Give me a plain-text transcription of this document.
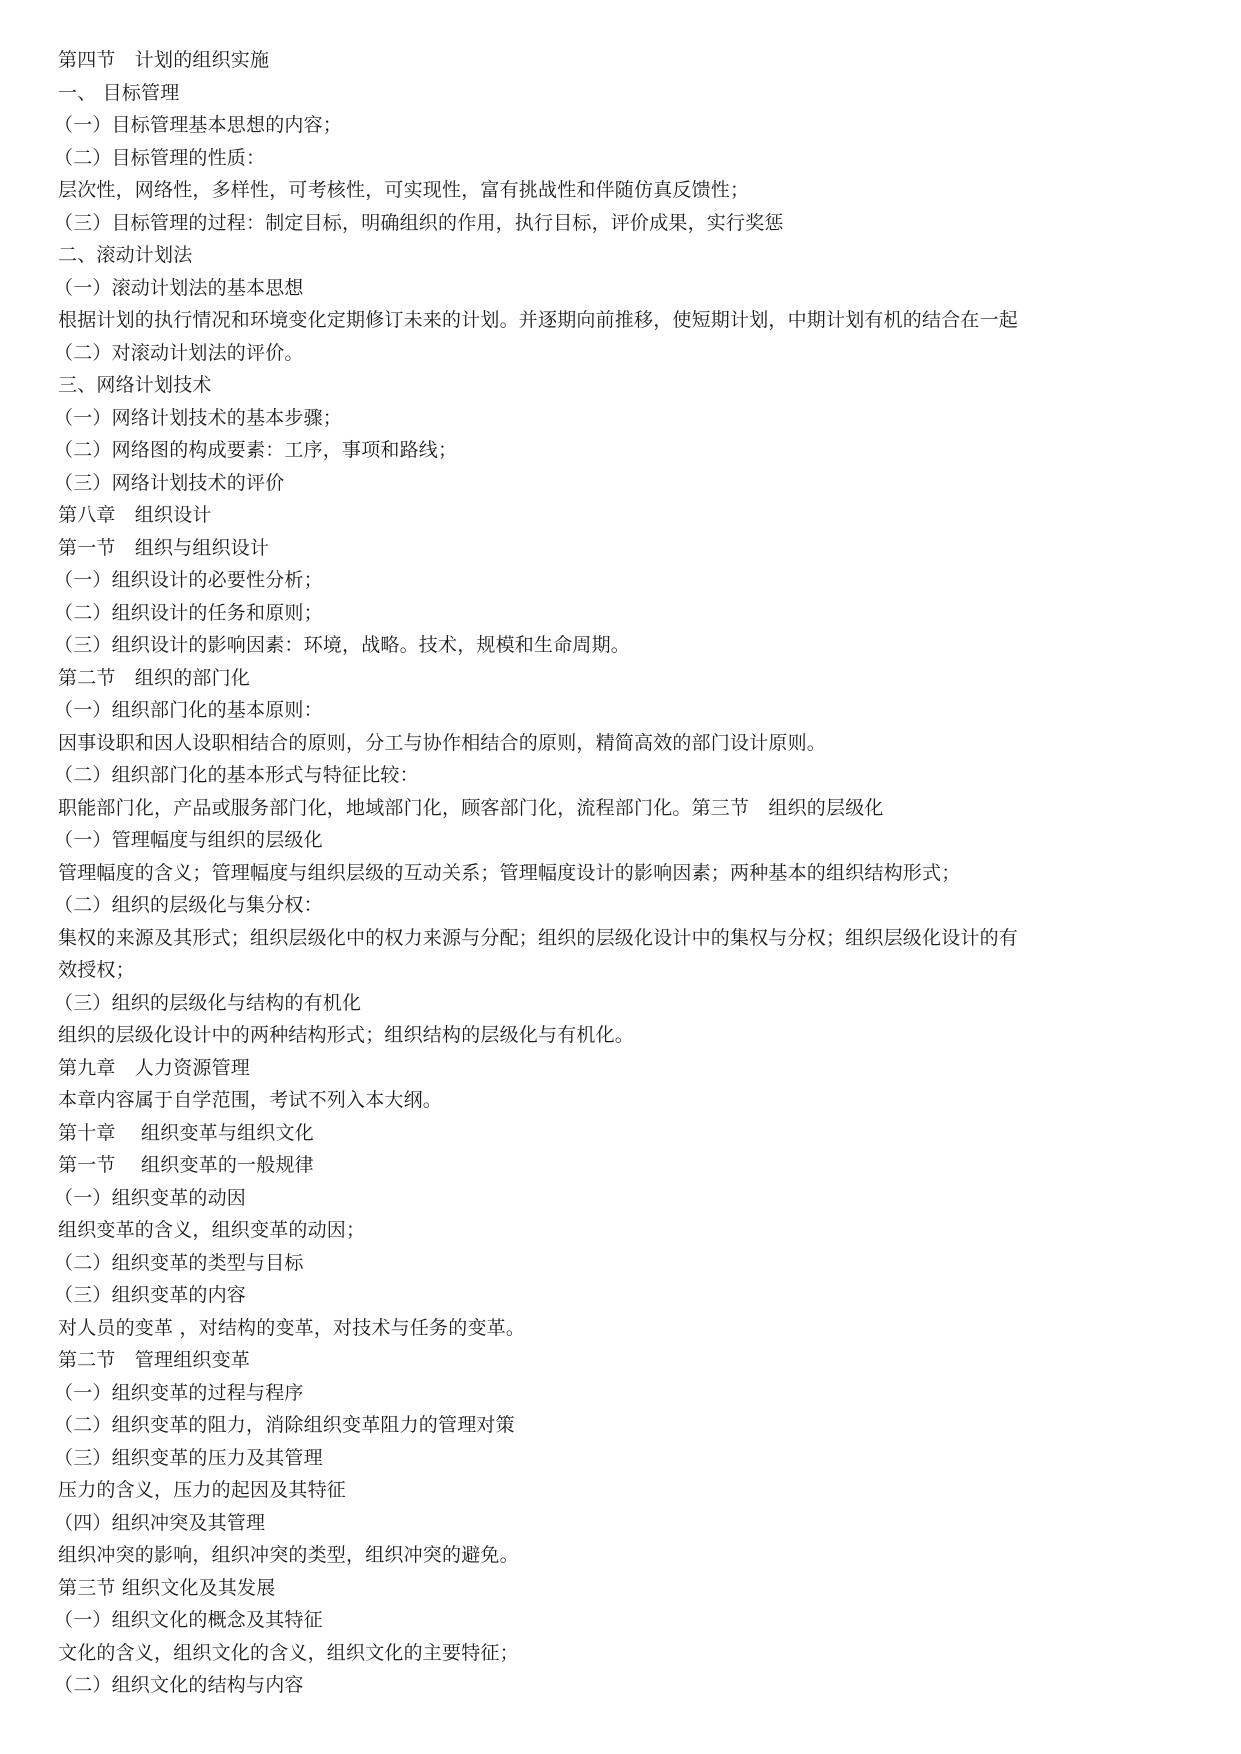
第四节　计划的组织实施
一、 目标管理
（一）目标管理基本思想的内容；
（二）目标管理的性质：
层次性，网络性，多样性，可考核性，可实现性，富有挑战性和伴随仿真反馈性；
（三）目标管理的过程：制定目标，明确组织的作用，执行目标，评价成果，实行奖惩
二、滚动计划法
（一）滚动计划法的基本思想
根据计划的执行情况和环境变化定期修订未来的计划。并逐期向前推移，使短期计划，中期计划有机的结合在一起
（二）对滚动计划法的评价。
三、网络计划技术
（一）网络计划技术的基本步骤；
（二）网络图的构成要素：工序，事项和路线；
（三）网络计划技术的评价
第八章　组织设计
第一节　组织与组织设计
（一）组织设计的必要性分析；
（二）组织设计的任务和原则；
（三）组织设计的影响因素：环境，战略。技术，规模和生命周期。
第二节　组织的部门化
（一）组织部门化的基本原则：
因事设职和因人设职相结合的原则，分工与协作相结合的原则，精简高效的部门设计原则。
（二）组织部门化的基本形式与特征比较：
职能部门化，产品或服务部门化，地域部门化，顾客部门化，流程部门化。第三节　组织的层级化
（一）管理幅度与组织的层级化
管理幅度的含义；管理幅度与组织层级的互动关系；管理幅度设计的影响因素；两种基本的组织结构形式；
（二）组织的层级化与集分权：
集权的来源及其形式；组织层级化中的权力来源与分配；组织的层级化设计中的集权与分权；组织层级化设计的有
效授权；
（三）组织的层级化与结构的有机化
组织的层级化设计中的两种结构形式；组织结构的层级化与有机化。
第九章　人力资源管理
本章内容属于自学范围，考试不列入本大纲。
第十章　 组织变革与组织文化
第一节　 组织变革的一般规律
（一）组织变革的动因
组织变革的含义，组织变革的动因；
（二）组织变革的类型与目标
（三）组织变革的内容
对人员的变革 ，对结构的变革，对技术与任务的变革。
第二节　管理组织变革
（一）组织变革的过程与程序
（二）组织变革的阻力，消除组织变革阻力的管理对策
（三）组织变革的压力及其管理
压力的含义，压力的起因及其特征
（四）组织冲突及其管理
组织冲突的影响，组织冲突的类型，组织冲突的避免。
第三节 组织文化及其发展
（一）组织文化的概念及其特征
文化的含义，组织文化的含义，组织文化的主要特征；
（二）组织文化的结构与内容
